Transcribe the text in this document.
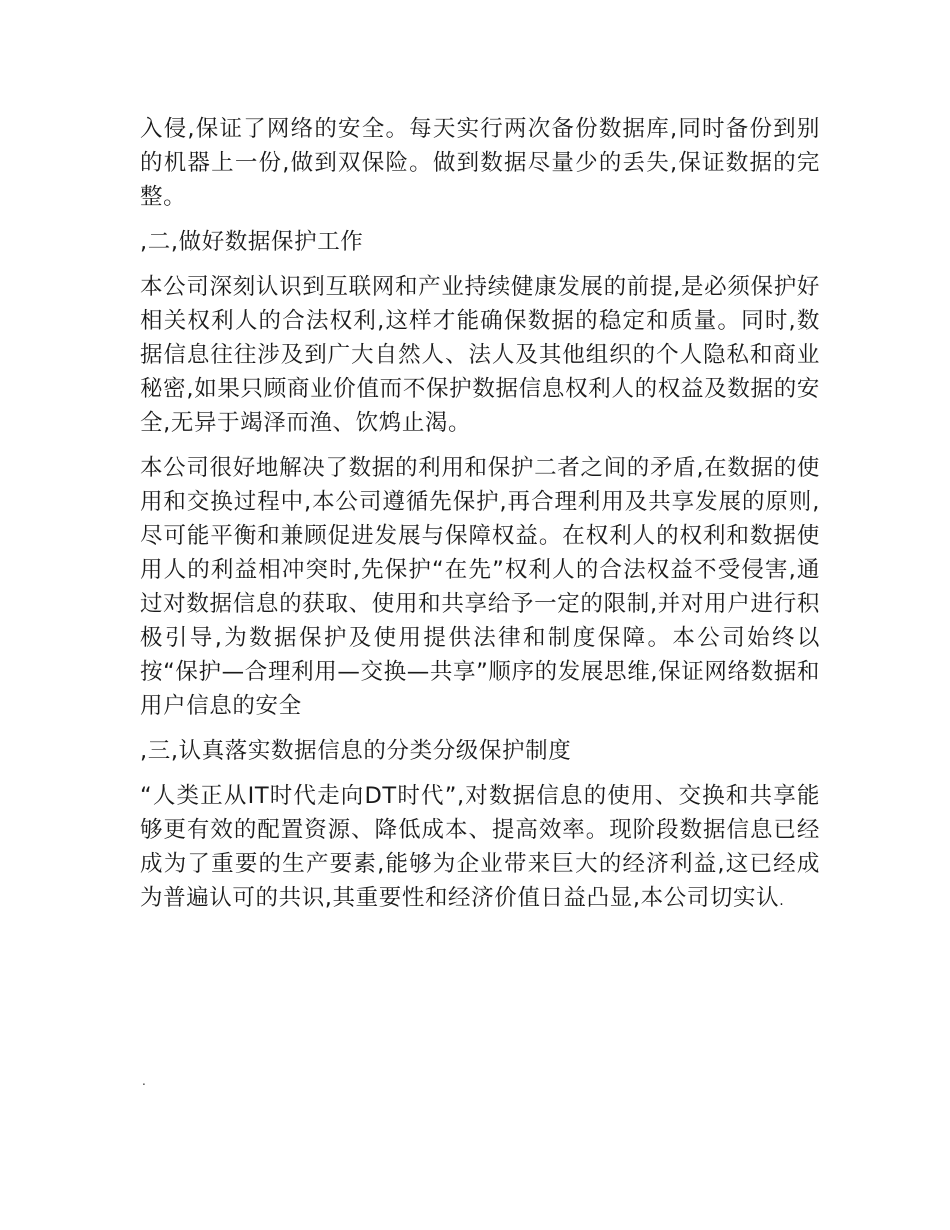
入侵,保证了网络的安全。每天实行两次备份数据库,同时备份到别的机器上一份,做到双保险。做到数据尽量少的丢失,保证数据的完整。

,二,做好数据保护工作

本公司深刻认识到互联网和产业持续健康发展的前提,是必须保护好相关权利人的合法权利,这样才能确保数据的稳定和质量。同时,数据信息往往涉及到广大自然人、法人及其他组织的个人隐私和商业秘密,如果只顾商业价值而不保护数据信息权利人的权益及数据的安全,无异于竭泽而渔、饮鸩止渴。

本公司很好地解决了数据的利用和保护二者之间的矛盾,在数据的使用和交换过程中,本公司遵循先保护,再合理利用及共享发展的原则,尽可能平衡和兼顾促进发展与保障权益。在权利人的权利和数据使用人的利益相冲突时,先保护“在先”权利人的合法权益不受侵害,通过对数据信息的获取、使用和共享给予一定的限制,并对用户进行积极引导,为数据保护及使用提供法律和制度保障。本公司始终以按“保护—合理利用—交换—共享”顺序的发展思维,保证网络数据和用户信息的安全

,三,认真落实数据信息的分类分级保护制度

“人类正从IT时代走向DT时代”,对数据信息的使用、交换和共享能够更有效的配置资源、降低成本、提高效率。现阶段数据信息已经成为了重要的生产要素,能够为企业带来巨大的经济利益,这已经成为普遍认可的共识,其重要性和经济价值日益凸显,本公司切实认.

.
